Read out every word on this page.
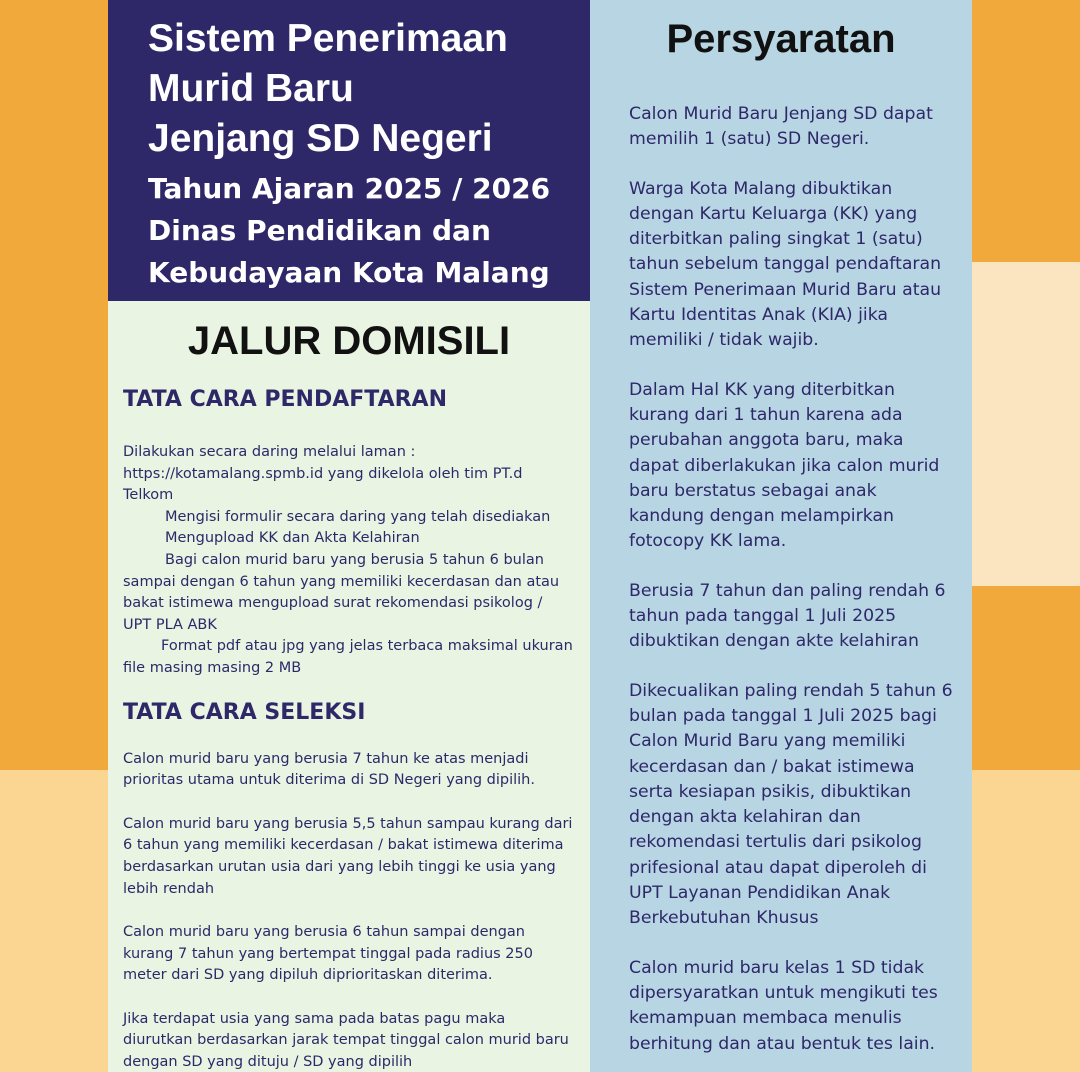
Sistem Penerimaan
Murid Baru
Jenjang SD Negeri
Tahun Ajaran 2025 / 2026
Dinas Pendidikan dan
Kebudayaan Kota Malang
JALUR DOMISILI
TATA CARA PENDAFTARAN
Dilakukan secara daring melalui laman : https://kotamalang.spmb.id yang dikelola oleh tim PT.d Telkom
Mengisi formulir secara daring yang telah disediakan
Mengupload KK dan Akta Kelahiran
Bagi calon murid baru yang berusia 5 tahun 6 bulan sampai dengan 6 tahun yang memiliki kecerdasan dan atau bakat istimewa mengupload surat rekomendasi psikolog / UPT PLA ABK
Format pdf atau jpg yang jelas terbaca maksimal ukuran file masing masing 2 MB
TATA CARA SELEKSI
Calon murid baru yang berusia 7 tahun ke atas menjadi prioritas utama untuk diterima di SD Negeri yang dipilih.
Calon murid baru yang berusia 5,5 tahun sampau kurang dari 6 tahun yang memiliki kecerdasan / bakat istimewa diterima berdasarkan urutan usia dari yang lebih tinggi ke usia yang lebih rendah
Calon murid baru yang berusia 6 tahun sampai dengan kurang 7 tahun yang bertempat tinggal pada radius 250 meter dari SD yang dipiluh diprioritaskan diterima.
Jika terdapat usia yang sama pada batas pagu maka diurutkan berdasarkan jarak tempat tinggal calon murid baru dengan SD yang dituju / SD yang dipilih
Persyaratan
Calon Murid Baru Jenjang SD dapat memilih 1 (satu) SD Negeri.
Warga Kota Malang dibuktikan dengan Kartu Keluarga (KK) yang diterbitkan paling singkat 1 (satu) tahun sebelum tanggal pendaftaran Sistem Penerimaan Murid Baru atau Kartu Identitas Anak (KIA) jika memiliki / tidak wajib.
Dalam Hal KK yang diterbitkan kurang dari 1 tahun karena ada perubahan anggota baru, maka dapat diberlakukan jika calon murid baru berstatus sebagai anak kandung dengan melampirkan fotocopy KK lama.
Berusia 7 tahun dan paling rendah 6 tahun pada tanggal 1 Juli 2025 dibuktikan dengan akte kelahiran
Dikecualikan paling rendah 5 tahun 6 bulan pada tanggal 1 Juli 2025 bagi Calon Murid Baru yang memiliki kecerdasan dan / bakat istimewa serta kesiapan psikis, dibuktikan dengan akta kelahiran dan rekomendasi tertulis dari psikolog prifesional atau dapat diperoleh di UPT Layanan Pendidikan Anak Berkebutuhan Khusus
Calon murid baru kelas 1 SD tidak dipersyaratkan untuk mengikuti tes kemampuan membaca menulis berhitung dan atau bentuk tes lain.
